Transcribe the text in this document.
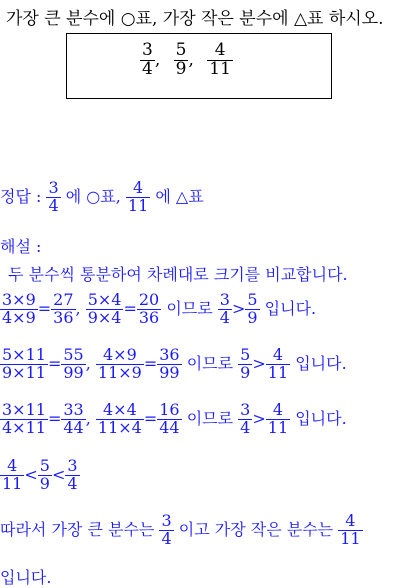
가장 큰 분수에 ○표, 가장 작은 분수에 △표 하시오.
$\frac{3}{4}$ , $\frac{5}{9}$ , $\frac{4}{11}$
정답 : $\frac{3}{4}$ 에 ○표, $\frac{4}{11}$ 에 △표
해설 :
두 분수씩 통분하여 차례대로 크기를 비교합니다.
$\frac{3\times 9}{4\times 9} = \frac{27}{36}$ , $\frac{5\times 4}{9\times 4} = \frac{20}{36}$ 이므로 $\frac{3}{4} > \frac{5}{9}$ 입니다.
$\frac{5\times 11}{9\times 11} = \frac{55}{99}$ , $\frac{4\times 9}{11\times 9} = \frac{36}{99}$ 이므로 $\frac{5}{9} > \frac{4}{11}$ 입니다.
$\frac{3\times 11}{4\times 11} = \frac{33}{44}$ , $\frac{4\times 4}{11\times 4} = \frac{16}{44}$ 이므로 $\frac{3}{4} > \frac{4}{11}$ 입니다.
$\frac{4}{11} < \frac{5}{9} < \frac{3}{4}$
따라서 가장 큰 분수는 $\frac{3}{4}$ 이고 가장 작은 분수는 $\frac{4}{11}$
입니다.
